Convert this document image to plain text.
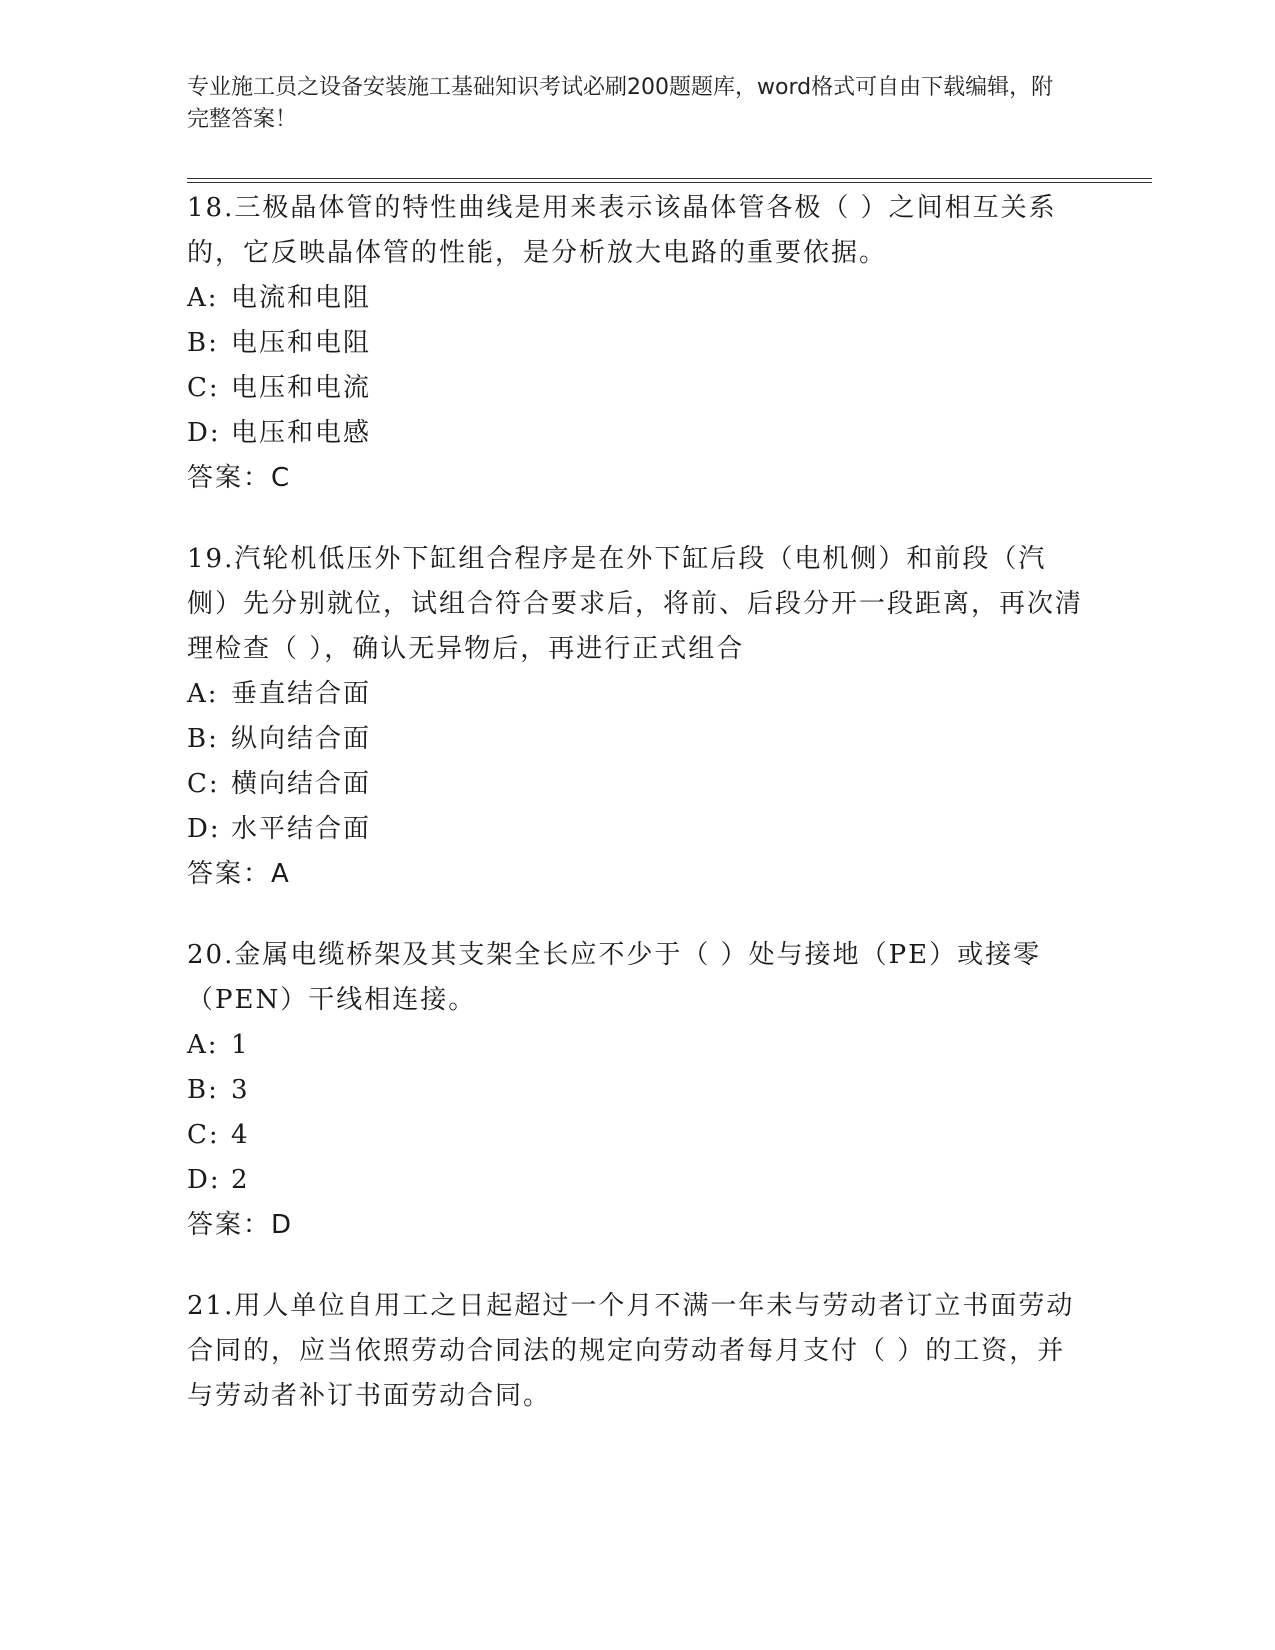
专业施工员之设备安装施工基础知识考试必刷200题题库，word格式可自由下载编辑，附完整答案！

18.三极晶体管的特性曲线是用来表示该晶体管各极（ ）之间相互关系的，它反映晶体管的性能，是分析放大电路的重要依据。

A: 电流和电阻

B: 电压和电阻

C: 电压和电流

D: 电压和电感

答案：C

19.汽轮机低压外下缸组合程序是在外下缸后段（电机侧）和前段（汽侧）先分别就位，试组合符合要求后，将前、后段分开一段距离，再次清理检查（ ），确认无异物后，再进行正式组合

A: 垂直结合面

B: 纵向结合面

C: 横向结合面

D: 水平结合面

答案：A

20.金属电缆桥架及其支架全长应不少于（ ）处与接地（PE）或接零（PEN）干线相连接。

A: 1

B: 3

C: 4

D: 2

答案：D

21.用人单位自用工之日起超过一个月不满一年未与劳动者订立书面劳动合同的，应当依照劳动合同法的规定向劳动者每月支付（ ）的工资，并与劳动者补订书面劳动合同。
